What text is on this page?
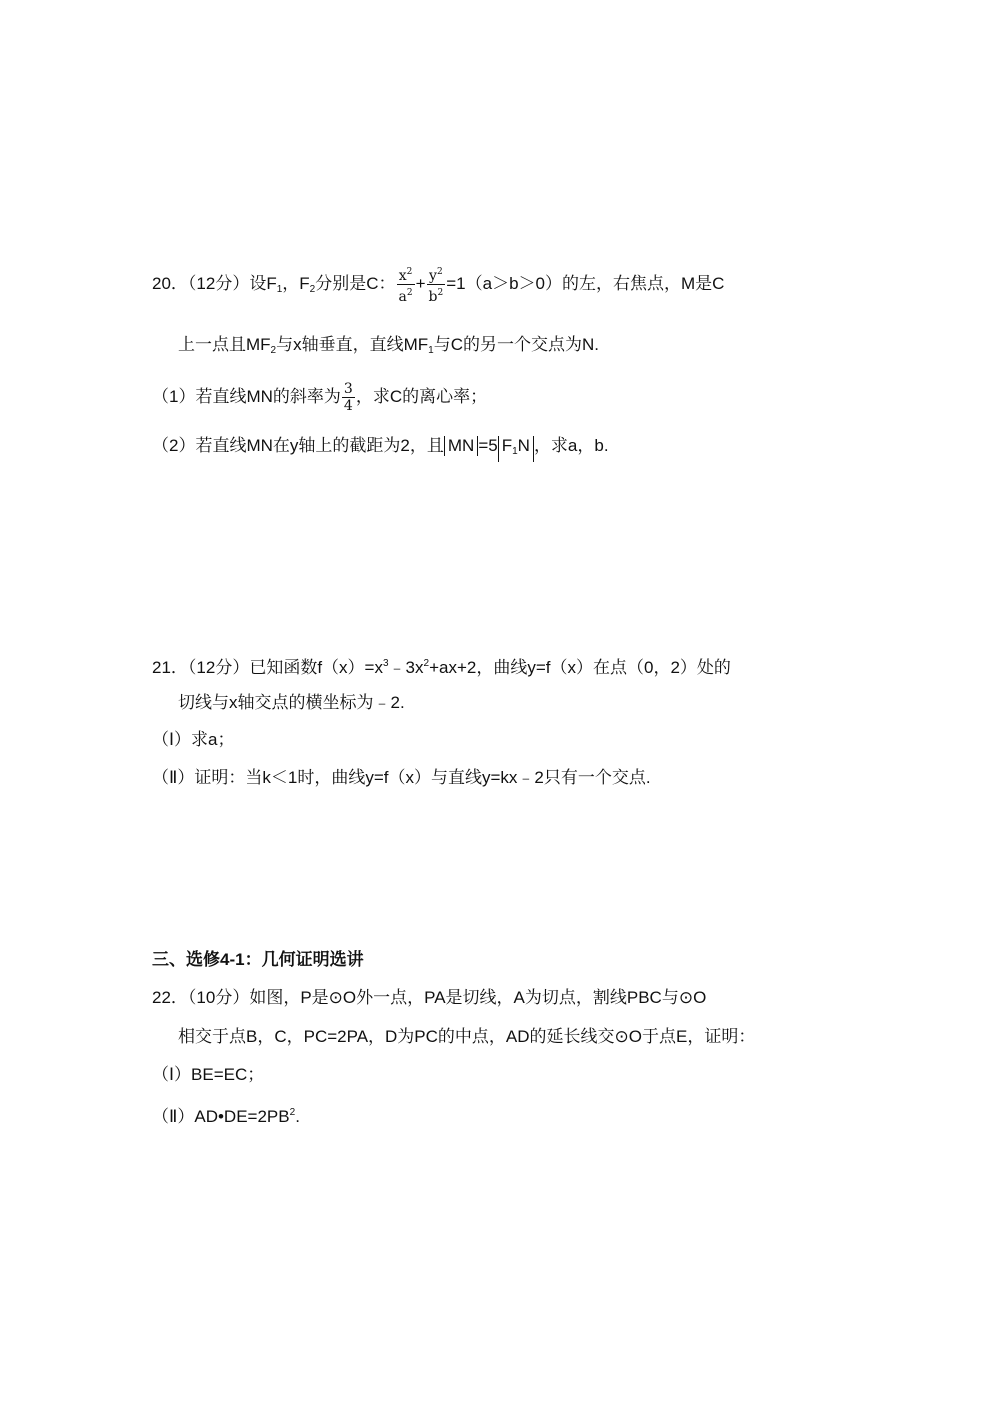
20．（12分）设$F_1$，$F_2$分别是C： $\frac{x^2}{a^2} + \frac{y^2}{b^2} =1(a>b>0)$的左，右焦点，M是C
上一点且$MF_2$与x轴垂直，直线$MF_1$与C的另一个交点为N.
（1）若直线MN的斜率为 $\frac{3}{4}$ ，求C的离心率；
（2）若直线MN在y轴上的截距为2，且 MN =5 $F_1N$ ，求a，b.
21．（12分）已知函数$f(x)=x^3﹣3x^2+ax+2$，曲线y=f（x）在点（0，2）处的
切线与x轴交点的横坐标为﹣2.
（Ⅰ）求a；
（Ⅱ）证明：当k＜1时，曲线y=f（x）与直线y=kx﹣2只有一个交点.
三、选修4-1：几何证明选讲
22．（10分）如图，P是⊙O外一点，PA是切线，A为切点，割线PBC与⊙O
相交于点B，C，PC=2PA，D为PC的中点，AD的延长线交⊙O于点E，证明：
（Ⅰ）BE=EC；
$(Ⅱ)AD•DE=2PB^2$.
